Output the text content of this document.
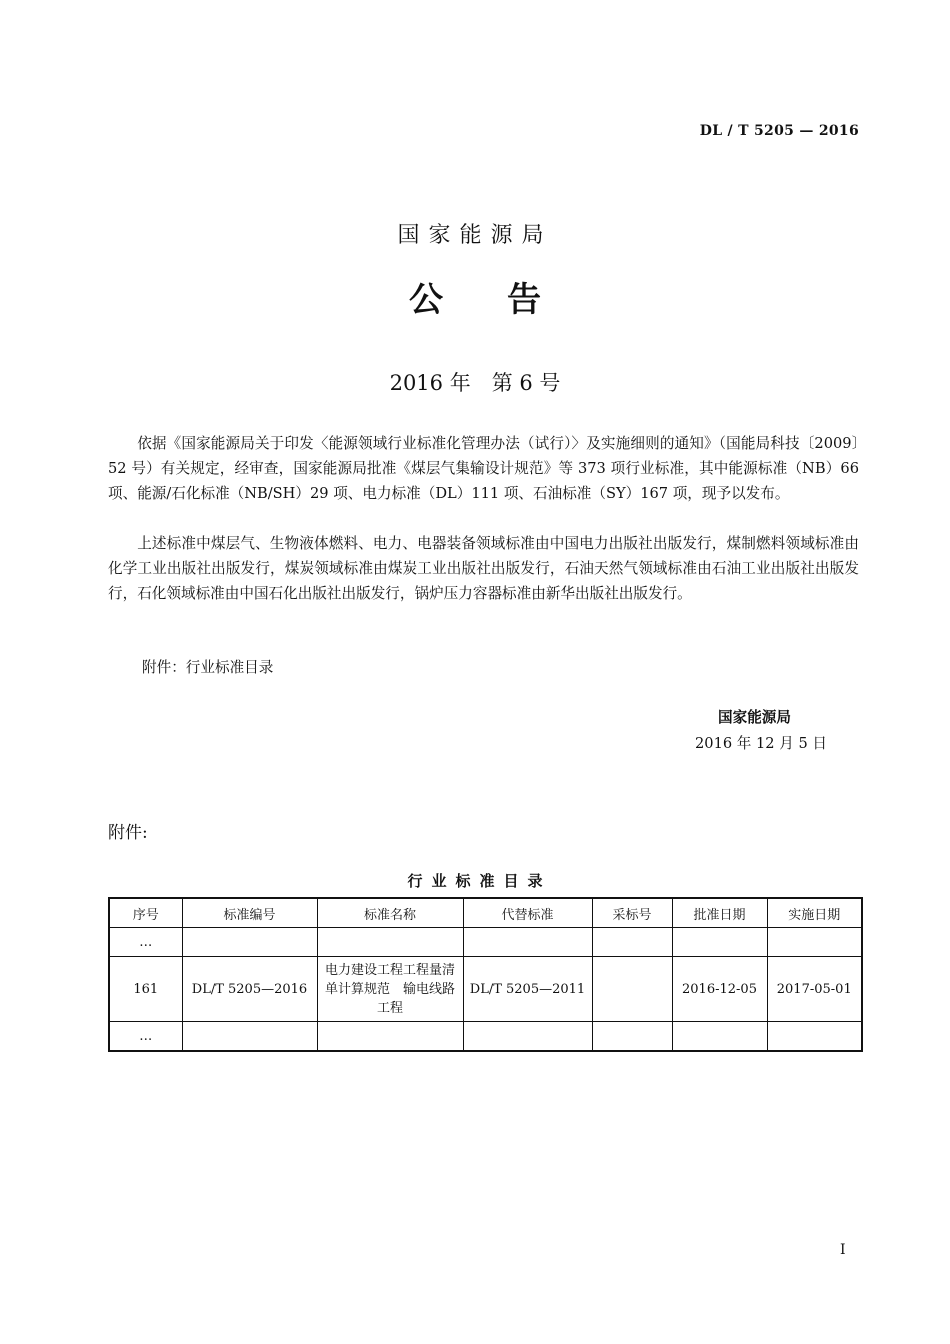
DL / T 5205 — 2016
国家能源局
公告
2016 年　第 6 号

依据《国家能源局关于印发〈能源领域行业标准化管理办法（试行）〉及实施细则的通知》（国能局科技〔2009〕52 号）有关规定，经审查，国家能源局批准《煤层气集输设计规范》等 373 项行业标准，其中能源标准（NB）66 项、能源/石化标准（NB/SH）29 项、电力标准（DL）111 项、石油标准（SY）167 项，现予以发布。

上述标准中煤层气、生物液体燃料、电力、电器装备领域标准由中国电力出版社出版发行，煤制燃料领域标准由化学工业出版社出版发行，煤炭领域标准由煤炭工业出版社出版发行，石油天然气领域标准由石油工业出版社出版发行，石化领域标准由中国石化出版社出版发行，锅炉压力容器标准由新华出版社出版发行。

附件：行业标准目录
国家能源局
2016 年 12 月 5 日
附件:
行业标准目录
序号	标准编号	标准名称	代替标准	采标号	批准日期	实施日期
…						
161	DL/T 5205—2016	电力建设工程工程量清单计算规范　输电线路工程	DL/T 5205—2011		2016-12-05	2017-05-01
…						
I
